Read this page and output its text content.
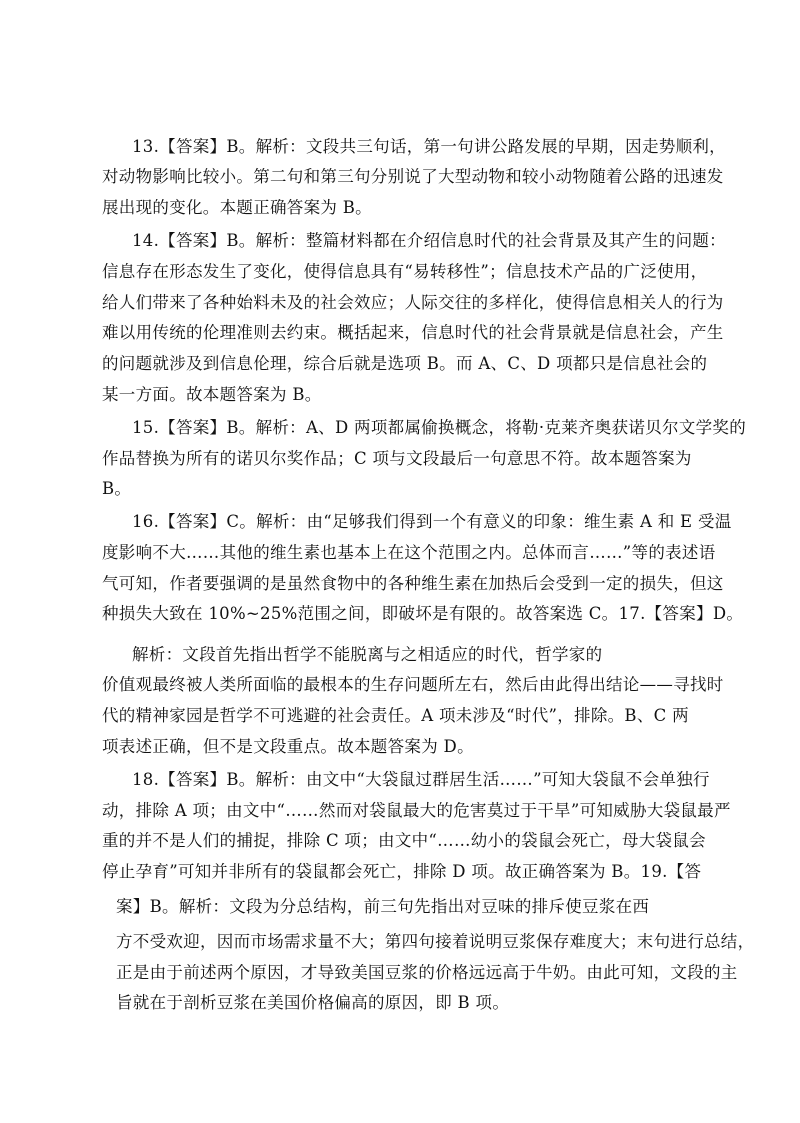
13.【答案】B。解析：文段共三句话，第一句讲公路发展的早期，因走势顺利，
对动物影响比较小。第二句和第三句分别说了大型动物和较小动物随着公路的迅速发
展出现的变化。本题正确答案为 B。
14.【答案】B。解析：整篇材料都在介绍信息时代的社会背景及其产生的问题：
信息存在形态发生了变化，使得信息具有“易转移性”；信息技术产品的广泛使用，
给人们带来了各种始料未及的社会效应；人际交往的多样化，使得信息相关人的行为
难以用传统的伦理准则去约束。概括起来，信息时代的社会背景就是信息社会，产生
的问题就涉及到信息伦理，综合后就是选项 B。而 A、C、D 项都只是信息社会的
某一方面。故本题答案为 B。
15.【答案】B。解析：A、D 两项都属偷换概念，将勒·克莱齐奥获诺贝尔文学奖的
作品替换为所有的诺贝尔奖作品；C 项与文段最后一句意思不符。故本题答案为
B。
16.【答案】C。解析：由“足够我们得到一个有意义的印象：维生素 A 和 E 受温
度影响不大……其他的维生素也基本上在这个范围之内。总体而言……”等的表述语
气可知，作者要强调的是虽然食物中的各种维生素在加热后会受到一定的损失，但这
种损失大致在 10%~25%范围之间，即破坏是有限的。故答案选 C。17.【答案】D。
解析：文段首先指出哲学不能脱离与之相适应的时代，哲学家的
价值观最终被人类所面临的最根本的生存问题所左右，然后由此得出结论——寻找时
代的精神家园是哲学不可逃避的社会责任。A 项未涉及“时代”，排除。B、C 两
项表述正确，但不是文段重点。故本题答案为 D。
18.【答案】B。解析：由文中“大袋鼠过群居生活……”可知大袋鼠不会单独行
动，排除 A 项；由文中“……然而对袋鼠最大的危害莫过于干旱”可知威胁大袋鼠最严
重的并不是人们的捕捉，排除 C 项；由文中“……幼小的袋鼠会死亡，母大袋鼠会
停止孕育”可知并非所有的袋鼠都会死亡，排除 D 项。故正确答案为 B。19.【答
案】B。解析：文段为分总结构，前三句先指出对豆味的排斥使豆浆在西
方不受欢迎，因而市场需求量不大；第四句接着说明豆浆保存难度大；末句进行总结，
正是由于前述两个原因，才导致美国豆浆的价格远远高于牛奶。由此可知，文段的主
旨就在于剖析豆浆在美国价格偏高的原因，即 B 项。
